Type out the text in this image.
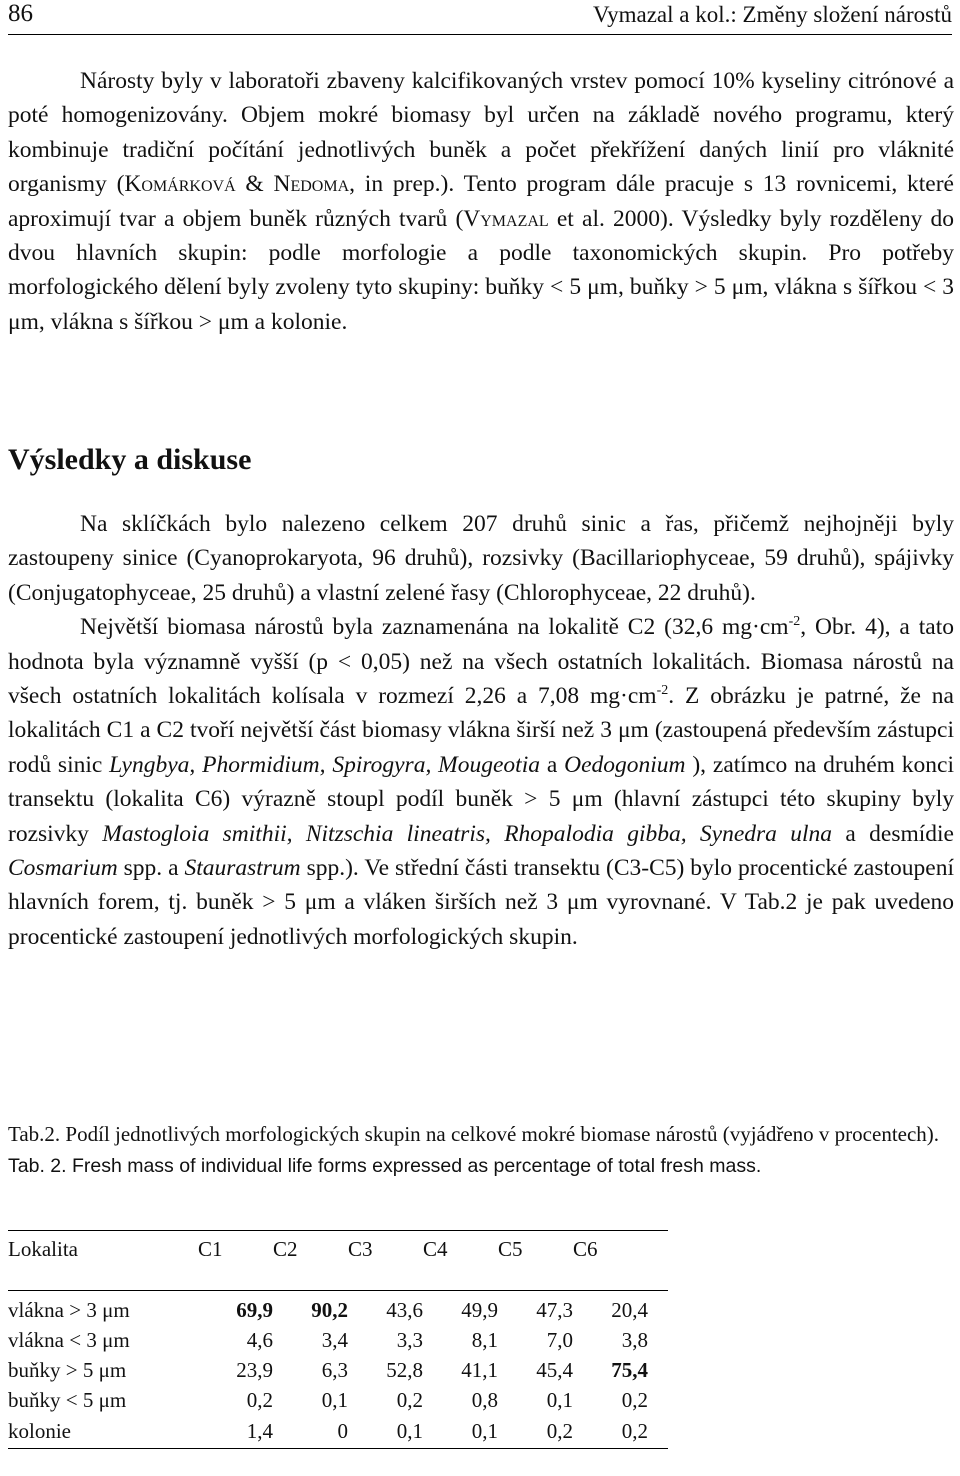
86	Vymazal a kol.: Změny složení nárostů

Nárosty byly v laboratoři zbaveny kalcifikovaných vrstev pomocí 10% kyseliny citrónové a poté homogenizovány. Objem mokré biomasy byl určen na základě nového programu, který kombinuje tradiční počítání jednotlivých buněk a počet překřížení daných linií pro vláknité organismy (Komárková & Nedoma, in prep.). Tento program dále pracuje s 13 rovnicemi, které aproximují tvar a objem buněk různých tvarů (Vymazal et al. 2000). Výsledky byly rozděleny do dvou hlavních skupin: podle morfologie a podle taxonomických skupin. Pro potřeby morfologického dělení byly zvoleny tyto skupiny: buňky < 5 μm, buňky > 5 μm, vlákna s šířkou < 3 μm, vlákna s šířkou > μm a kolonie.

Výsledky a diskuse

Na sklíčkách bylo nalezeno celkem 207 druhů sinic a řas, přičemž nejhojněji byly zastoupeny sinice (Cyanoprokaryota, 96 druhů), rozsivky (Bacillariophyceae, 59 druhů), spájivky (Conjugatophyceae, 25 druhů) a vlastní zelené řasy (Chlorophyceae, 22 druhů).

Největší biomasa nárostů byla zaznamenána na lokalitě C2 (32,6 $mg\cdot cm^{-2}$, Obr. 4), a tato hodnota byla významně vyšší (p < 0,05) než na všech ostatních lokalitách. Biomasa nárostů na všech ostatních lokalitách kolísala v rozmezí 2,26 a 7,08 $mg\cdot cm^{-2}$. Z obrázku je patrné, že na lokalitách C1 a C2 tvoří největší část biomasy vlákna širší než 3 μm (zastoupená především zástupci rodů sinic Lyngbya, Phormidium, Spirogyra, Mougeotia a Oedogonium ), zatímco na druhém konci transektu (lokalita C6) výrazně stoupl podíl buněk > 5 μm (hlavní zástupci této skupiny byly rozsivky Mastogloia smithii, Nitzschia lineatris, Rhopalodia gibba, Synedra ulna a desmídie Cosmarium spp. a Staurastrum spp.). Ve střední části transektu (C3-C5) bylo procentické zastoupení hlavních forem, tj. buněk > 5 μm a vláken širších než 3 μm vyrovnané. V Tab.2 je pak uvedeno procentické zastoupení jednotlivých morfologických skupin.

Tab.2. Podíl jednotlivých morfologických skupin na celkové mokré biomase nárostů (vyjádřeno v procentech).

Tab. 2. Fresh mass of individual life forms expressed as percentage of total fresh mass.

Lokalita	C1	C2	C3	C4	C5	C6
vlákna > 3 μm	69,9	90,2	43,6	49,9	47,3	20,4
vlákna < 3 μm	4,6	3,4	3,3	8,1	7,0	3,8
buňky > 5 μm	23,9	6,3	52,8	41,1	45,4	75,4
buňky < 5 μm	0,2	0,1	0,2	0,8	0,1	0,2
kolonie	1,4	0	0,1	0,1	0,2	0,2
